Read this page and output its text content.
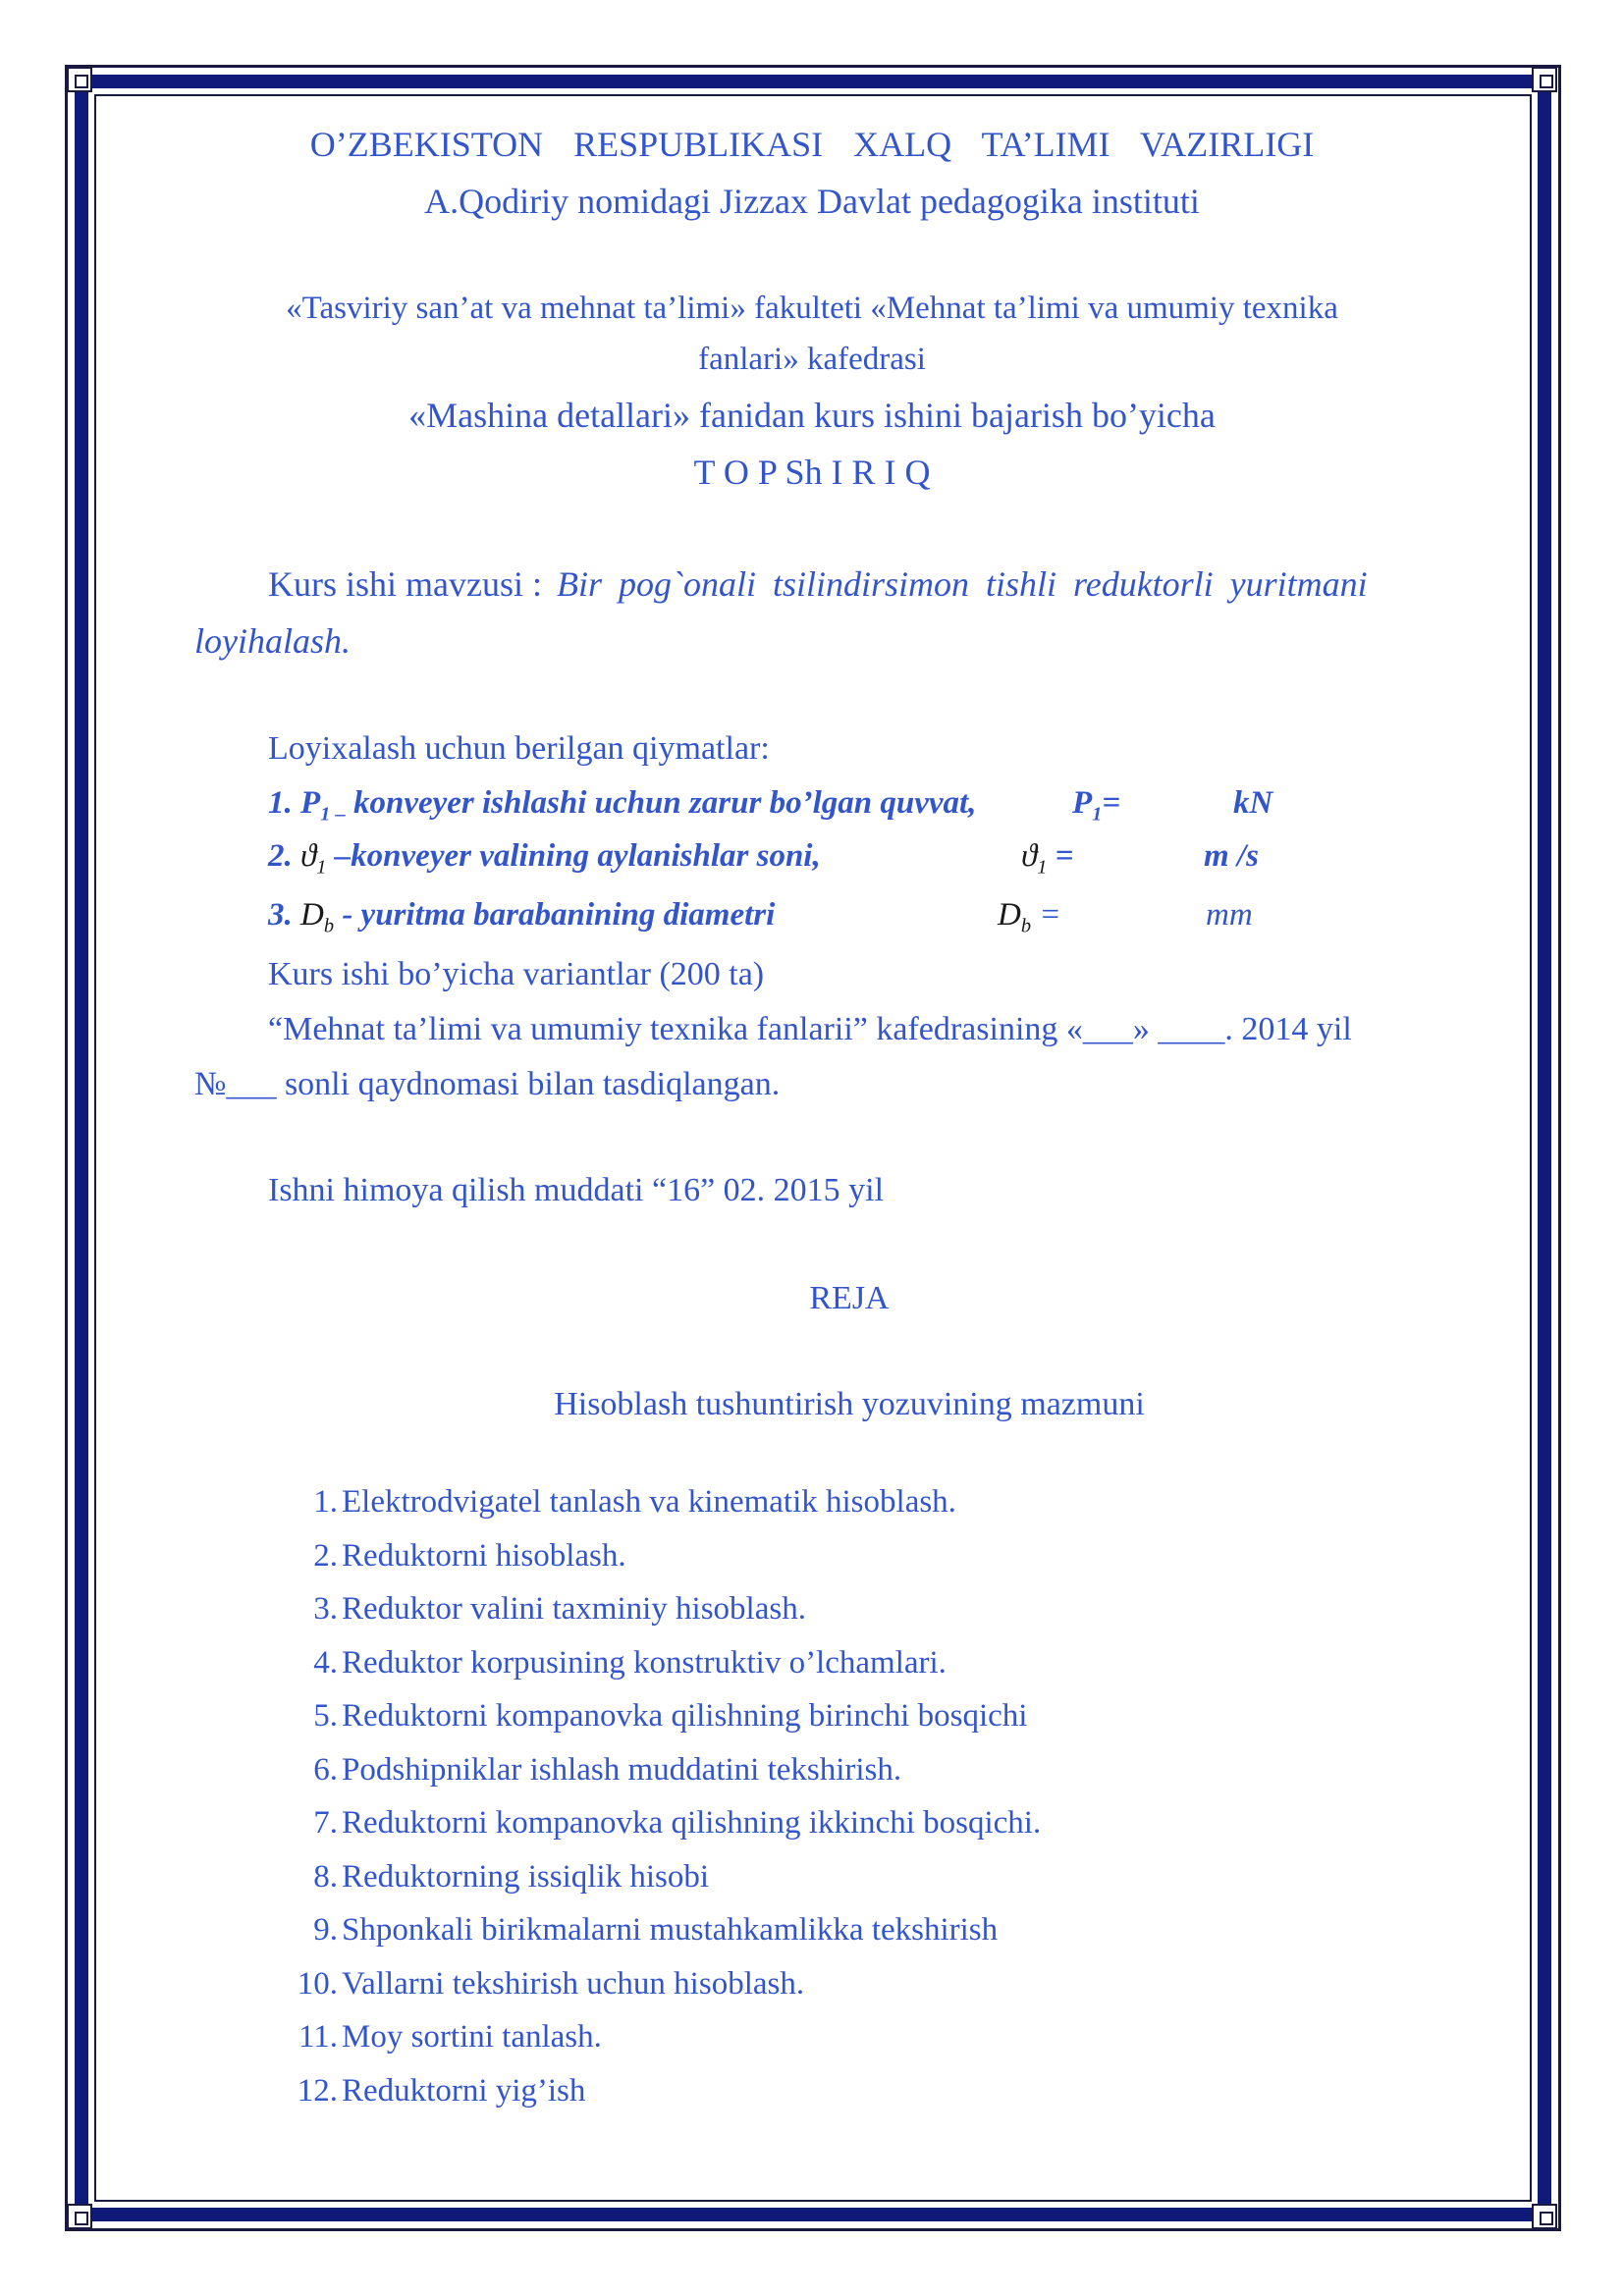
O’ZBEKISTON RESPUBLIKASI XALQ TA’LIMI VAZIRLIGI
A.Qodiriy nomidagi Jizzax Davlat pedagogika instituti
«Tasviriy san’at va mehnat ta’limi» fakulteti «Mehnat ta’limi va umumiy texnika
fanlari» kafedrasi
«Mashina detallari» fanidan kurs ishini bajarish bo’yicha
T O P Sh I R I Q
Kurs ishi mavzusi : Bir pog`onali tsilindirsimon tishli reduktorli yuritmani
loyihalash.
Loyixalash uchun berilgan qiymatlar:
1. $P_{1 -}$ konveyer ishlashi uchun zarur bo’lgan quvvat,	$P_1=$	kN
2. $ϑ_1$ –konveyer valining aylanishlar soni,	$ϑ_1$ =	m /s
3. $D_b$ - yuritma barabanining diametri	$D_b$ =	mm
Kurs ishi bo’yicha variantlar (200 ta)
“Mehnat ta’limi va umumiy texnika fanlarii” kafedrasining «___» ____. 2014 yil
№___ sonli qaydnomasi bilan tasdiqlangan.
Ishni himoya qilish muddati “16” 02. 2015 yil
REJA
Hisoblash tushuntirish yozuvining mazmuni
1. Elektrodvigatel tanlash va kinematik hisoblash.
2. Reduktorni hisoblash.
3. Reduktor valini taxminiy hisoblash.
4. Reduktor korpusining konstruktiv o’lchamlari.
5. Reduktorni kompanovka qilishning birinchi bosqichi
6. Podshipniklar ishlash muddatini tekshirish.
7. Reduktorni kompanovka qilishning ikkinchi bosqichi.
8. Reduktorning issiqlik hisobi
9. Shponkali birikmalarni mustahkamlikka tekshirish
10. Vallarni tekshirish uchun hisoblash.
11. Moy sortini tanlash.
12. Reduktorni yig’ish
